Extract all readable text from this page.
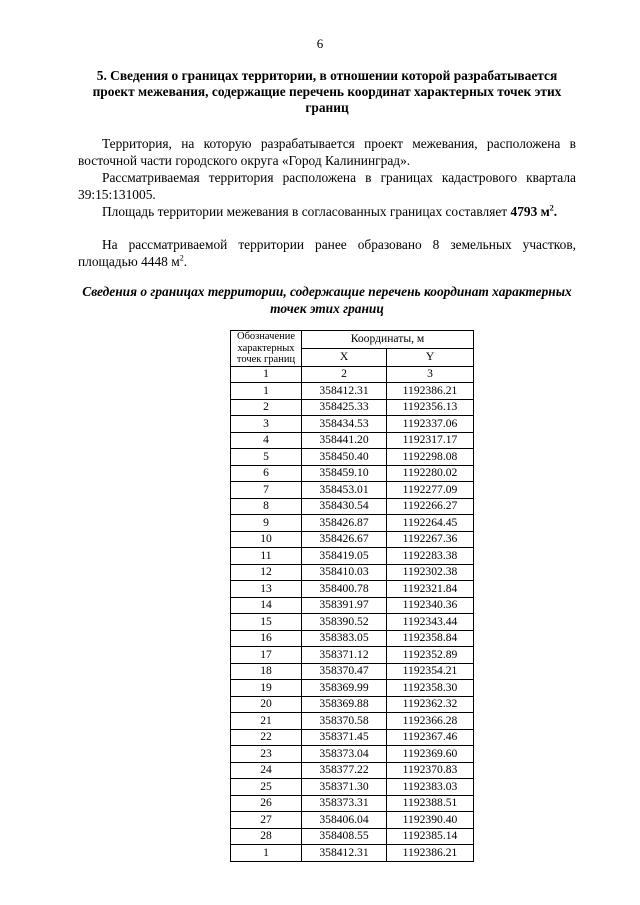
6
5. Сведения о границах территории, в отношении которой разрабатывается проект межевания, содержащие перечень координат характерных точек этих границ
Территория, на которую разрабатывается проект межевания, расположена в восточной части городского округа «Город Калининград».
Рассматриваемая территория расположена в границах кадастрового квартала 39:15:131005.
Площадь территории межевания в согласованных границах составляет 4793 $м^2$.
На рассматриваемой территории ранее образовано 8 земельных участков, площадью 4448 $м^2$.
Сведения о границах территории, содержащие перечень координат характерных точек этих границ
Обозначение характерных точек границ	Координаты, м	
	X	Y
1	2	3
1	358412.31	1192386.21
2	358425.33	1192356.13
3	358434.53	1192337.06
4	358441.20	1192317.17
5	358450.40	1192298.08
6	358459.10	1192280.02
7	358453.01	1192277.09
8	358430.54	1192266.27
9	358426.87	1192264.45
10	358426.67	1192267.36
11	358419.05	1192283.38
12	358410.03	1192302.38
13	358400.78	1192321.84
14	358391.97	1192340.36
15	358390.52	1192343.44
16	358383.05	1192358.84
17	358371.12	1192352.89
18	358370.47	1192354.21
19	358369.99	1192358.30
20	358369.88	1192362.32
21	358370.58	1192366.28
22	358371.45	1192367.46
23	358373.04	1192369.60
24	358377.22	1192370.83
25	358371.30	1192383.03
26	358373.31	1192388.51
27	358406.04	1192390.40
28	358408.55	1192385.14
1	358412.31	1192386.21
